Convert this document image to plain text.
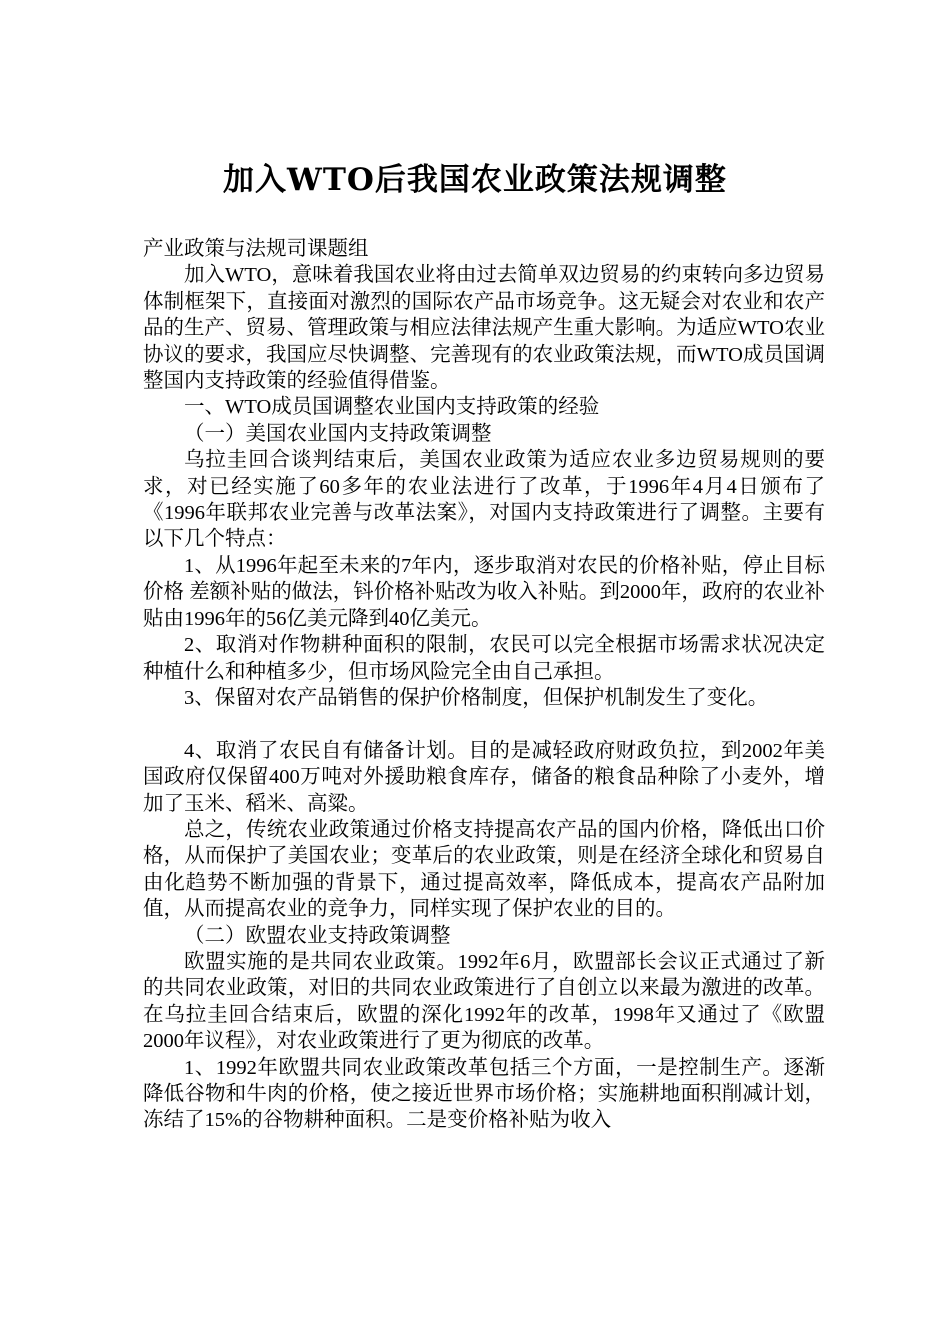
加入WTO后我国农业政策法规调整

产业政策与法规司课题组

加入WTO，意味着我国农业将由过去简单双边贸易的约束转向多边贸易体制框架下，直接面对激烈的国际农产品市场竞争。这无疑会对农业和农产品的生产、贸易、管理政策与相应法律法规产生重大影响。为适应WTO农业协议的要求，我国应尽快调整、完善现有的农业政策法规，而WTO成员国调整国内支持政策的经验值得借鉴。

一、WTO成员国调整农业国内支持政策的经验

（一）美国农业国内支持政策调整

乌拉圭回合谈判结束后，美国农业政策为适应农业多边贸易规则的要求，对已经实施了60多年的农业法进行了改革，于1996年4月4日颁布了《1996年联邦农业完善与改革法案》，对国内支持政策进行了调整。主要有以下几个特点：

1、从1996年起至未来的7年内，逐步取消对农民的价格补贴，停止目标价格 差额补贴的做法，钭价格补贴改为收入补贴。到2000年，政府的农业补贴由1996年的56亿美元降到40亿美元。

2、取消对作物耕种面积的限制，农民可以完全根据市场需求状况决定种植什么和种植多少，但市场风险完全由自己承担。

3、保留对农产品销售的保护价格制度，但保护机制发生了变化。

4、取消了农民自有储备计划。目的是减轻政府财政负拉，到2002年美国政府仅保留400万吨对外援助粮食库存，储备的粮食品种除了小麦外，增加了玉米、稻米、高粱。

总之，传统农业政策通过价格支持提高农产品的国内价格，降低出口价格，从而保护了美国农业；变革后的农业政策，则是在经济全球化和贸易自由化趋势不断加强的背景下，通过提高效率，降低成本，提高农产品附加值，从而提高农业的竞争力，同样实现了保护农业的目的。

（二）欧盟农业支持政策调整

欧盟实施的是共同农业政策。1992年6月，欧盟部长会议正式通过了新的共同农业政策，对旧的共同农业政策进行了自创立以来最为激进的改革。在乌拉圭回合结束后，欧盟的深化1992年的改革，1998年又通过了《欧盟2000年议程》，对农业政策进行了更为彻底的改革。

1、1992年欧盟共同农业政策改革包括三个方面，一是控制生产。逐渐降低谷物和牛肉的价格，使之接近世界市场价格；实施耕地面积削减计划，冻结了15%的谷物耕种面积。二是变价格补贴为收入
